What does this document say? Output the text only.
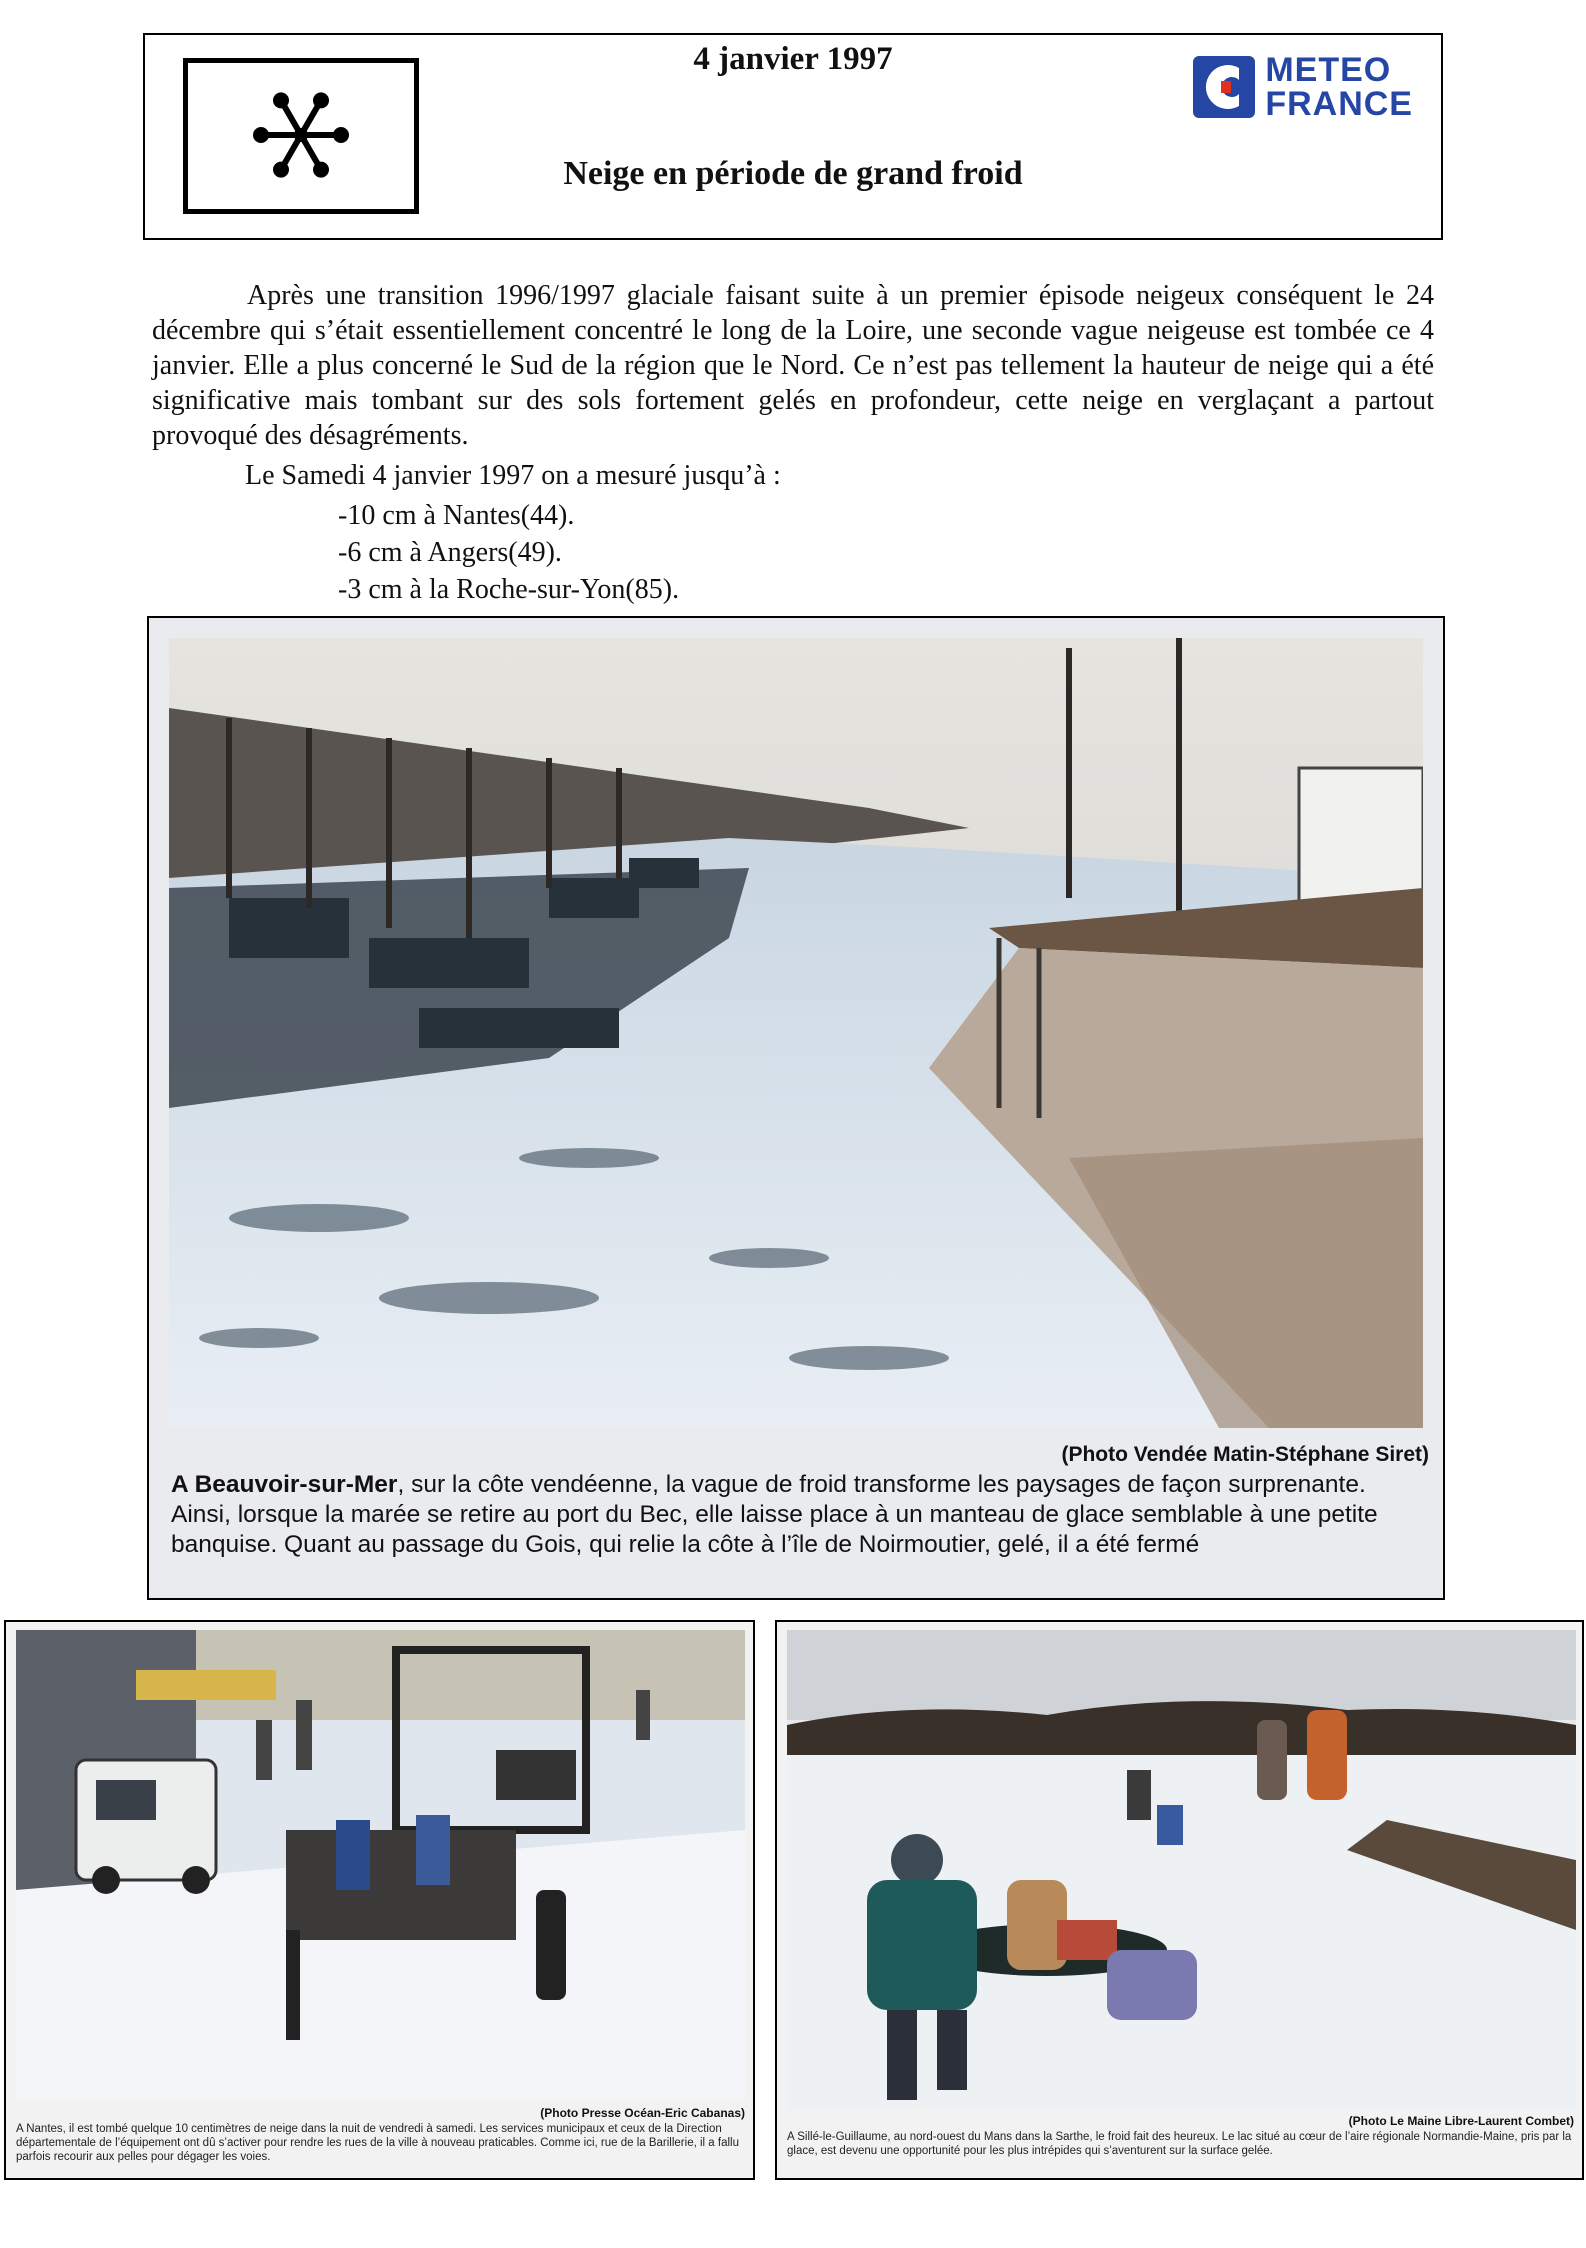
4 janvier 1997
Neige en période de grand froid
METEO
FRANCE

Après une transition 1996/1997 glaciale faisant suite à un premier épisode neigeux conséquent le 24 décembre qui s’était essentiellement concentré le long de la Loire, une seconde vague neigeuse est tombée ce 4 janvier. Elle a plus concerné le Sud de la région que le Nord. Ce n’est pas tellement la hauteur de neige qui a été significative mais tombant sur des sols fortement gelés en profondeur, cette neige en verglaçant a partout provoqué des désagréments.

Le Samedi 4 janvier 1997 on a mesuré jusqu’à :
-10 cm à Nantes(44).
-6 cm à Angers(49).
-3 cm à la Roche-sur-Yon(85).
(Photo Vendée Matin-Stéphane Siret)
A Beauvoir-sur-Mer, sur la côte vendéenne, la vague de froid transforme les paysages de façon surprenante. Ainsi, lorsque la marée se retire au port du Bec, elle laisse place à un manteau de glace semblable à une petite banquise. Quant au passage du Gois, qui relie la côte à l’île de Noirmoutier, gelé, il a été fermé
(Photo Presse Océan-Eric Cabanas)
A Nantes, il est tombé quelque 10 centimètres de neige dans la nuit de vendredi à samedi. Les services municipaux et ceux de la Direction départementale de l’équipement ont dû s’activer pour rendre les rues de la ville à nouveau praticables. Comme ici, rue de la Barillerie, il a fallu parfois recourir aux pelles pour dégager les voies.
(Photo Le Maine Libre-Laurent Combet)
A Sillé-le-Guillaume, au nord-ouest du Mans dans la Sarthe, le froid fait des heureux. Le lac situé au cœur de l’aire régionale Normandie-Maine, pris par la glace, est devenu une opportunité pour les plus intrépides qui s’aventurent sur la surface gelée.
